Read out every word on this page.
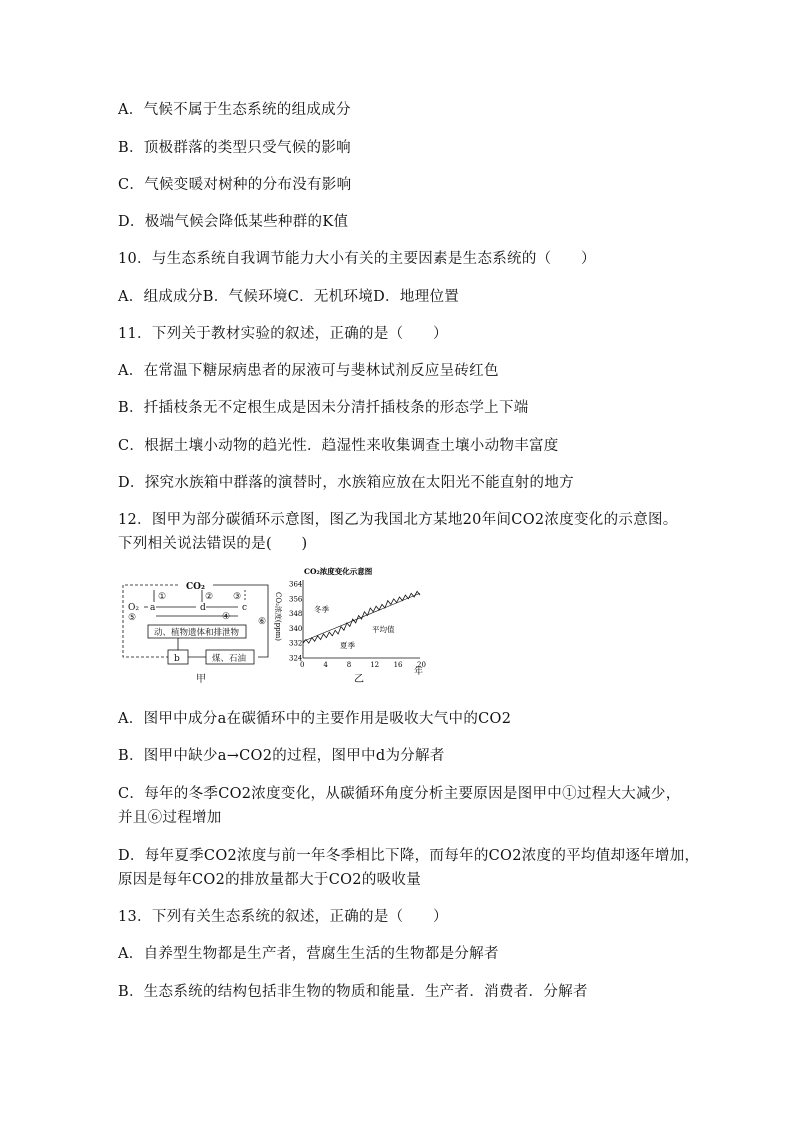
A．气候不属于生态系统的组成成分
B．顶极群落的类型只受气候的影响
C．气候变暖对树种的分布没有影响
D．极端气候会降低某些种群的K值
10．与生态系统自我调节能力大小有关的主要因素是生态系统的（　　）
A．组成成分B．气候环境C．无机环境D．地理位置
11．下列关于教材实验的叙述，正确的是（　　）
A．在常温下糖尿病患者的尿液可与斐林试剂反应呈砖红色
B．扦插枝条无不定根生成是因未分清扦插枝条的形态学上下端
C．根据土壤小动物的趋光性．趋湿性来收集调查土壤小动物丰富度
D．探究水族箱中群落的演替时，水族箱应放在太阳光不能直射的地方
12．图甲为部分碳循环示意图，图乙为我国北方某地20年间CO2浓度变化的示意图。
下列相关说法错误的是(　　)
CO₂
O₂ a	d	c
①	② ③
④
⑤	⑥
动、植物遗体和排泄物
b	煤、石油
甲
CO₂浓度变化示意图
CO₂浓度(ppm)
364
356
348
340
332
324
0	4	8	12 16 20
冬季
夏季
平均值
年
乙
A．图甲中成分a在碳循环中的主要作用是吸收大气中的CO2
B．图甲中缺少a→CO2的过程，图甲中d为分解者
C．每年的冬季CO2浓度变化，从碳循环角度分析主要原因是图甲中①过程大大减少，
并且⑥过程增加
D．每年夏季CO2浓度与前一年冬季相比下降，而每年的CO2浓度的平均值却逐年增加，
原因是每年CO2的排放量都大于CO2的吸收量
13．下列有关生态系统的叙述，正确的是（　　）
A．自养型生物都是生产者，营腐生生活的生物都是分解者
B．生态系统的结构包括非生物的物质和能量．生产者．消费者．分解者
